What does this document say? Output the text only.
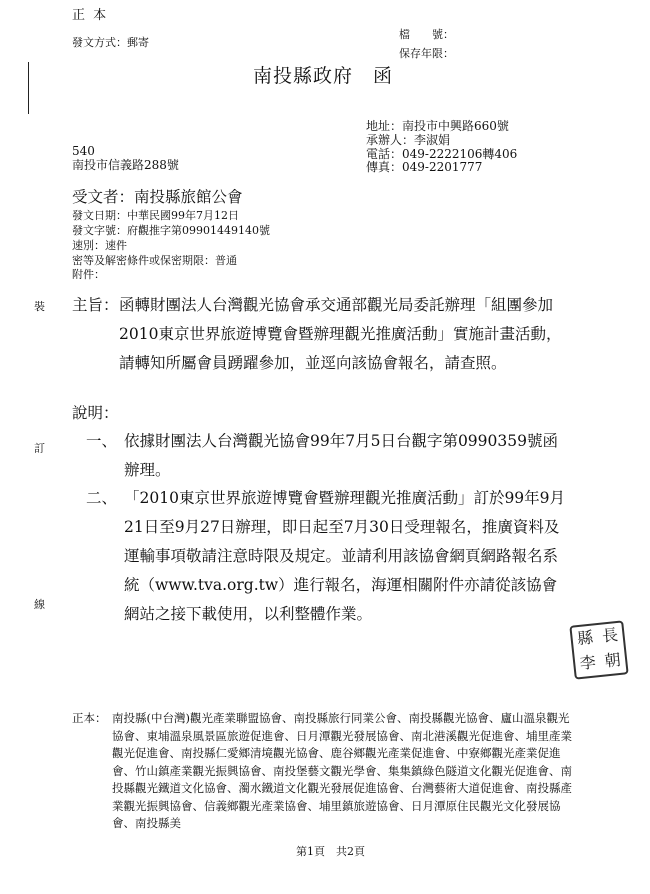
正 本
發文方式：郵寄
檔　　號：
保存年限：
南投縣政府　函
地址：南投市中興路660號
承辦人：李淑娟
電話：049-2222106轉406
傳真：049-2201777
540
南投市信義路288號
受文者：南投縣旅館公會
發文日期：中華民國99年7月12日
發文字號：府觀推字第09901449140號
速別：速件
密等及解密條件或保密期限：普通
附件：
裝
訂
線
主旨： 函轉財團法人台灣觀光協會承交通部觀光局委託辦理「組團參加2010東京世界旅遊博覽會暨辦理觀光推廣活動」實施計畫活動，請轉知所屬會員踴躍參加，並逕向該協會報名，請查照。
說明：
一、 依據財團法人台灣觀光協會99年7月5日台觀字第0990359號函辦理。
二、 「2010東京世界旅遊博覽會暨辦理觀光推廣活動」訂於99年9月21日至9月27日辦理，即日起至7月30日受理報名，推廣資料及運輸事項敬請注意時限及規定。並請利用該協會網頁網路報名系統（www.tva.org.tw）進行報名，海運相關附件亦請從該協會網站之接下載使用，以利整體作業。
縣 長
李 朝
正本： 南投縣(中台灣)觀光產業聯盟協會、南投縣旅行同業公會、南投縣觀光協會、廬山溫泉觀光協會、東埔溫泉風景區旅遊促進會、日月潭觀光發展協會、南北港溪觀光促進會、埔里產業觀光促進會、南投縣仁愛鄉清境觀光協會、鹿谷鄉觀光產業促進會、中寮鄉觀光產業促進會、竹山鎮產業觀光振興協會、南投堡藝文觀光學會、集集鎮綠色隧道文化觀光促進會、南投縣觀光鐵道文化協會、濁水鐵道文化觀光發展促進協會、台灣藝術大道促進會、南投縣產業觀光振興協會、信義鄉觀光產業協會、埔里鎮旅遊協會、日月潭原住民觀光文化發展協會、南投縣美
第1頁　共2頁
